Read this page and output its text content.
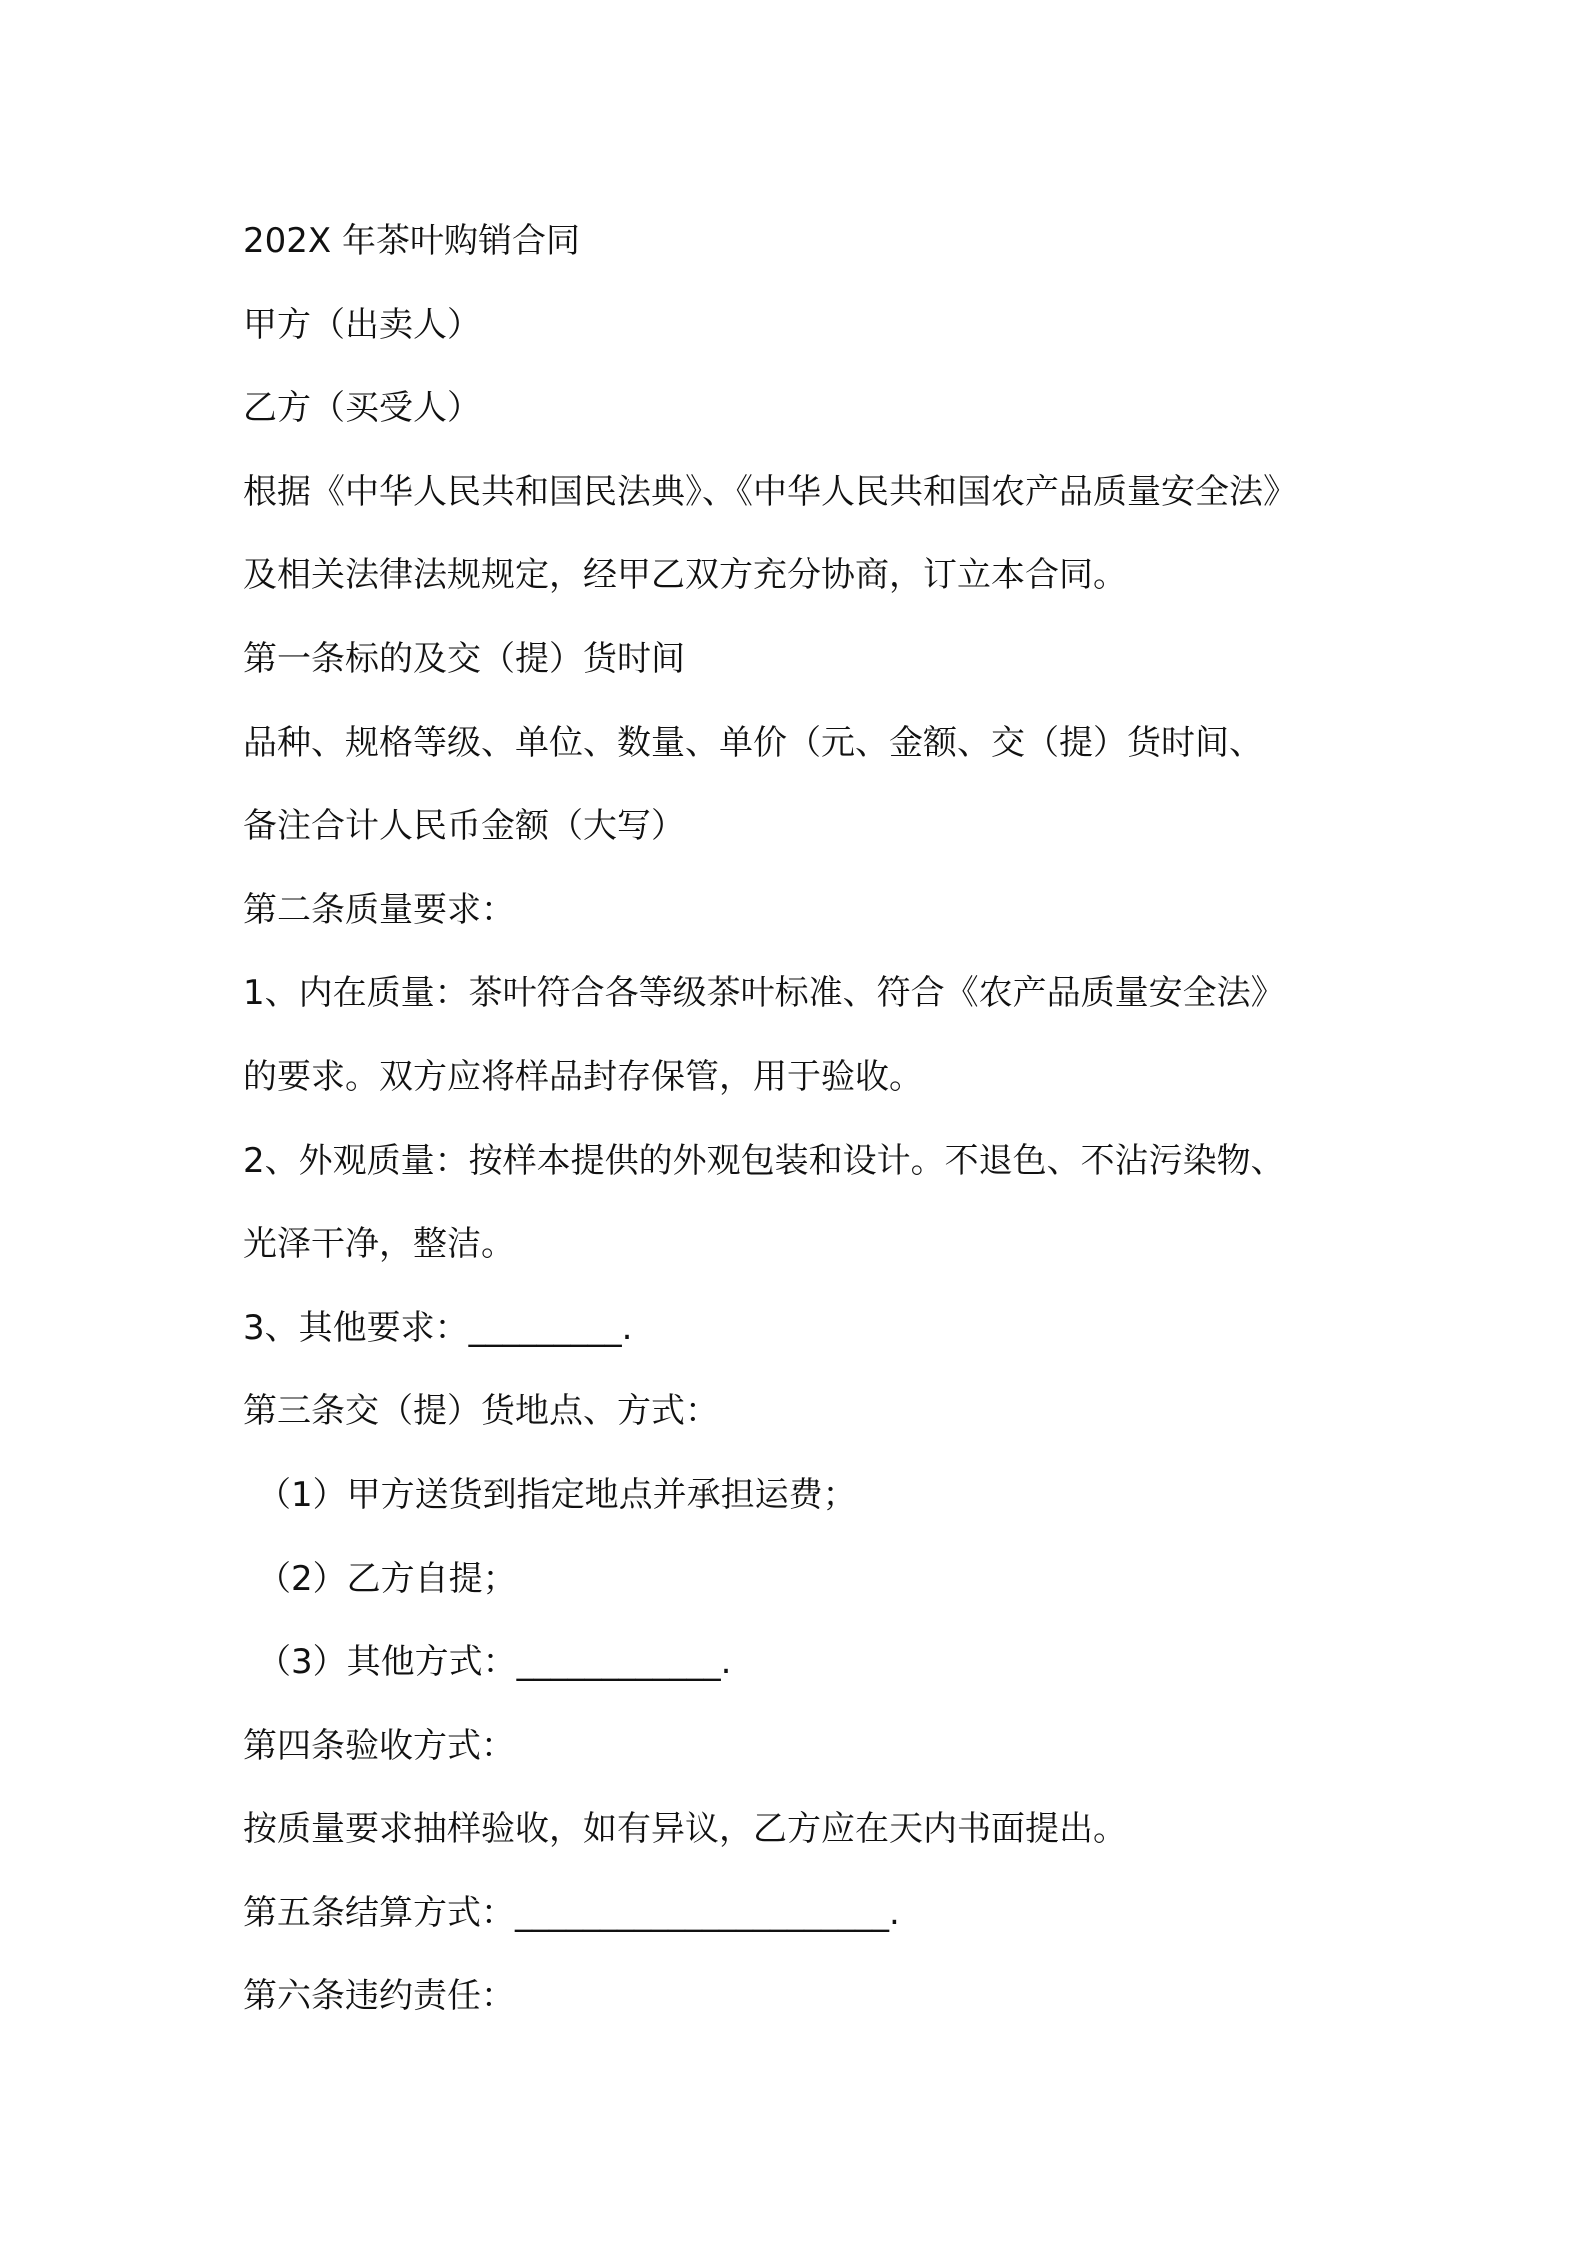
202X 年茶叶购销合同
甲方（出卖人）
乙方（买受人）
根据《中华人民共和国民法典》、《中华人民共和国农产品质量安全法》
及相关法律法规规定，经甲乙双方充分协商，订立本合同。
第一条标的及交（提）货时间
品种、规格等级、单位、数量、单价（元、金额、交（提）货时间、
备注合计人民币金额（大写）
第二条质量要求：
1、内在质量：茶叶符合各等级茶叶标准、符合《农产品质量安全法》
的要求。双方应将样品封存保管，用于验收。
2、外观质量：按样本提供的外观包装和设计。不退色、不沾污染物、
光泽干净，整洁。
3、其他要求：_________.
第三条交（提）货地点、方式：
（1）甲方送货到指定地点并承担运费；
（2）乙方自提；
（3）其他方式：____________.
第四条验收方式：
按质量要求抽样验收，如有异议，乙方应在天内书面提出。
第五条结算方式：______________________.
第六条违约责任：
